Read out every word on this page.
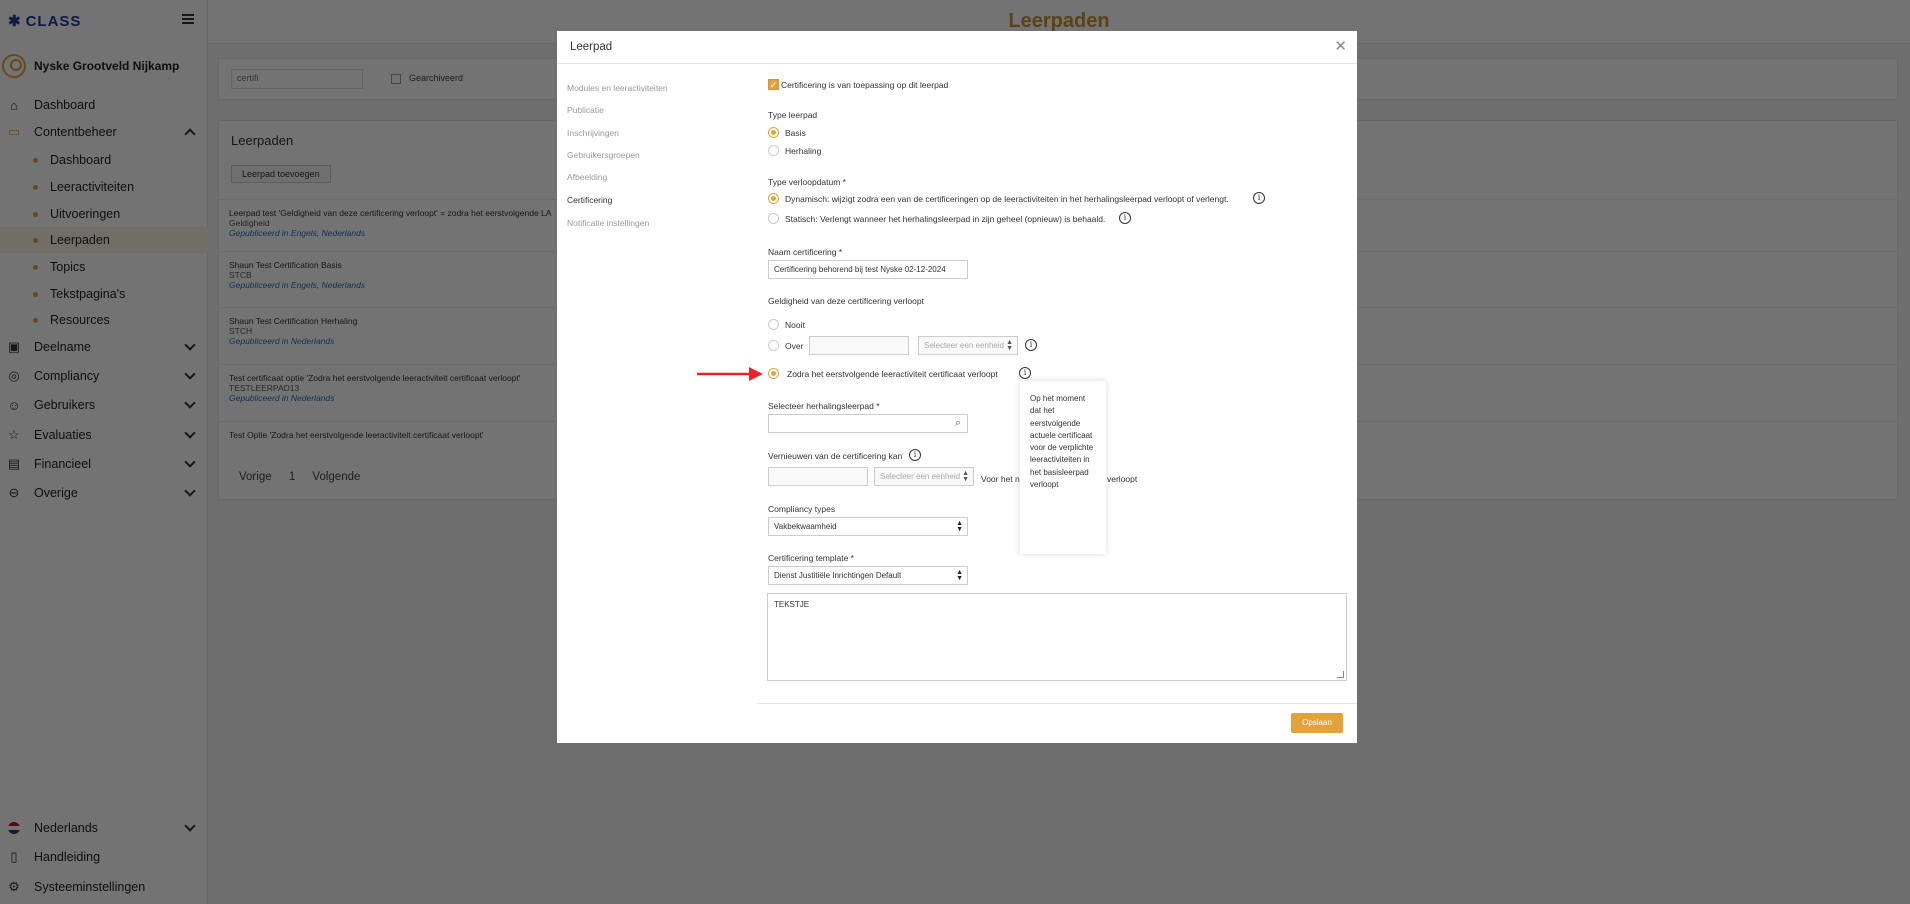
Leerpad	✕
Modules en leeractiviteiten
Publicatie
Inschrijvingen
Gebruikersgroepen
Afbeelding
Certificering
Notificatie instellingen
✓ Certificering is van toepassing op dit leerpad
Type leerpad
Basis
Herhaling
Type verloopdatum *
Dynamisch: wijzigt zodra een van de certificeringen op de leeractiviteiten in het herhalingsleerpad verloopt of verlengt.	i
Statisch: Verlengt wanneer het herhalingsleerpad in zijn geheel (opnieuw) is behaald.	i
Naam certificering *
Certificering behorend bij test Nyske 02-12-2024
Geldigheid van deze certificering verloopt
Nooit
Over	Selecteer een eenheid ▲
▼	i
Zodra het eerstvolgende leeractiviteit certificaat verloopt	i
Selecteer herhalingsleerpad *
⌕
Vernieuwen van de certificering kan	i
Selecteer een eenheid ▲
▼ Voor het n	verloopt
Compliancy types
Vakbekwaamheid	▲
▼
Certificering template *
Dienst Justitiële Inrichtingen Default	▲
▼
TEKSTJE
Opslaan
Op het moment dat het eerstvolgende actuele certificaat voor de verplichte leeractiviteiten in het basisleerpad verloopt
